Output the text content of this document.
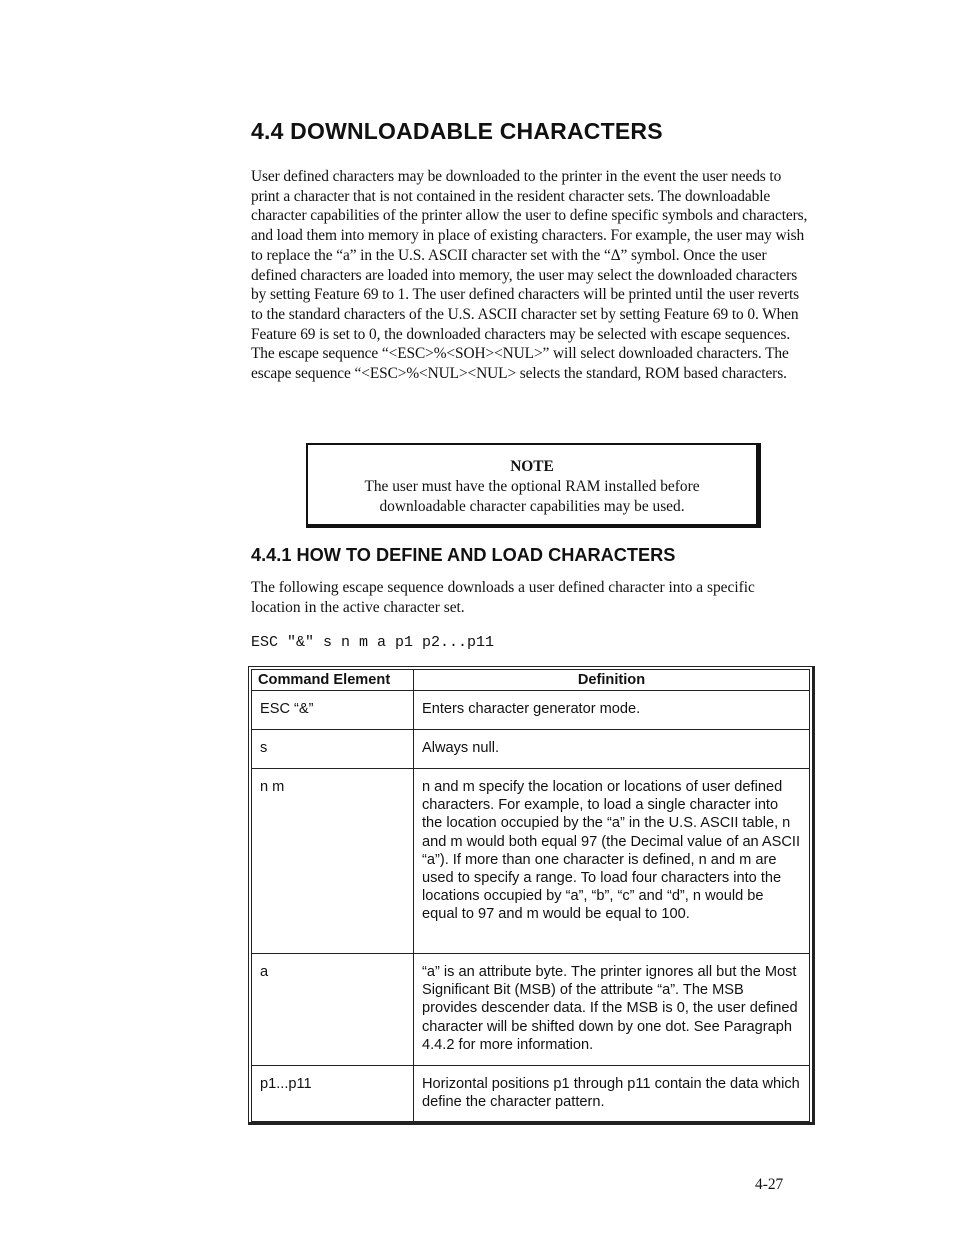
4.4 DOWNLOADABLE CHARACTERS

User defined characters may be downloaded to the printer in the event the user needs to print a character that is not contained in the resident character sets. The downloadable character capabilities of the printer allow the user to define specific symbols and characters, and load them into memory in place of existing characters. For example, the user may wish to replace the “a” in the U.S. ASCII character set with the “Δ” symbol. Once the user defined characters are loaded into memory, the user may select the downloaded characters by setting Feature 69 to 1. The user defined characters will be printed until the user reverts to the standard characters of the U.S. ASCII character set by setting Feature 69 to 0. When Feature 69 is set to 0, the downloaded characters may be selected with escape sequences. The escape sequence “<ESC>%<SOH><NUL>” will select downloaded characters. The escape sequence “<ESC>%<NUL><NUL> selects the standard, ROM based characters.

NOTE
The user must have the optional RAM installed before
downloadable character capabilities may be used.
4.4.1 HOW TO DEFINE AND LOAD CHARACTERS

The following escape sequence downloads a user defined character into a specific location in the active character set.

ESC "&" s n m a p1 p2...p11
Command Element	Definition
ESC “&”	Enters character generator mode.
s	Always null.
n m	n and m specify the location or locations of user defined characters. For example, to load a single character into the location occupied by the “a” in the U.S. ASCII table, n and m would both equal 97 (the Decimal value of an ASCII “a”). If more than one character is defined, n and m are used to specify a range. To load four characters into the locations occupied by “a”, “b”, “c” and “d”, n would be equal to 97 and m would be equal to 100.
a	“a” is an attribute byte. The printer ignores all but the Most Significant Bit (MSB) of the attribute “a”. The MSB provides descender data. If the MSB is 0, the user defined character will be shifted down by one dot. See Paragraph 4.4.2 for more information.
p1...p11	Horizontal positions p1 through p11 contain the data which define the character pattern.
4-27
